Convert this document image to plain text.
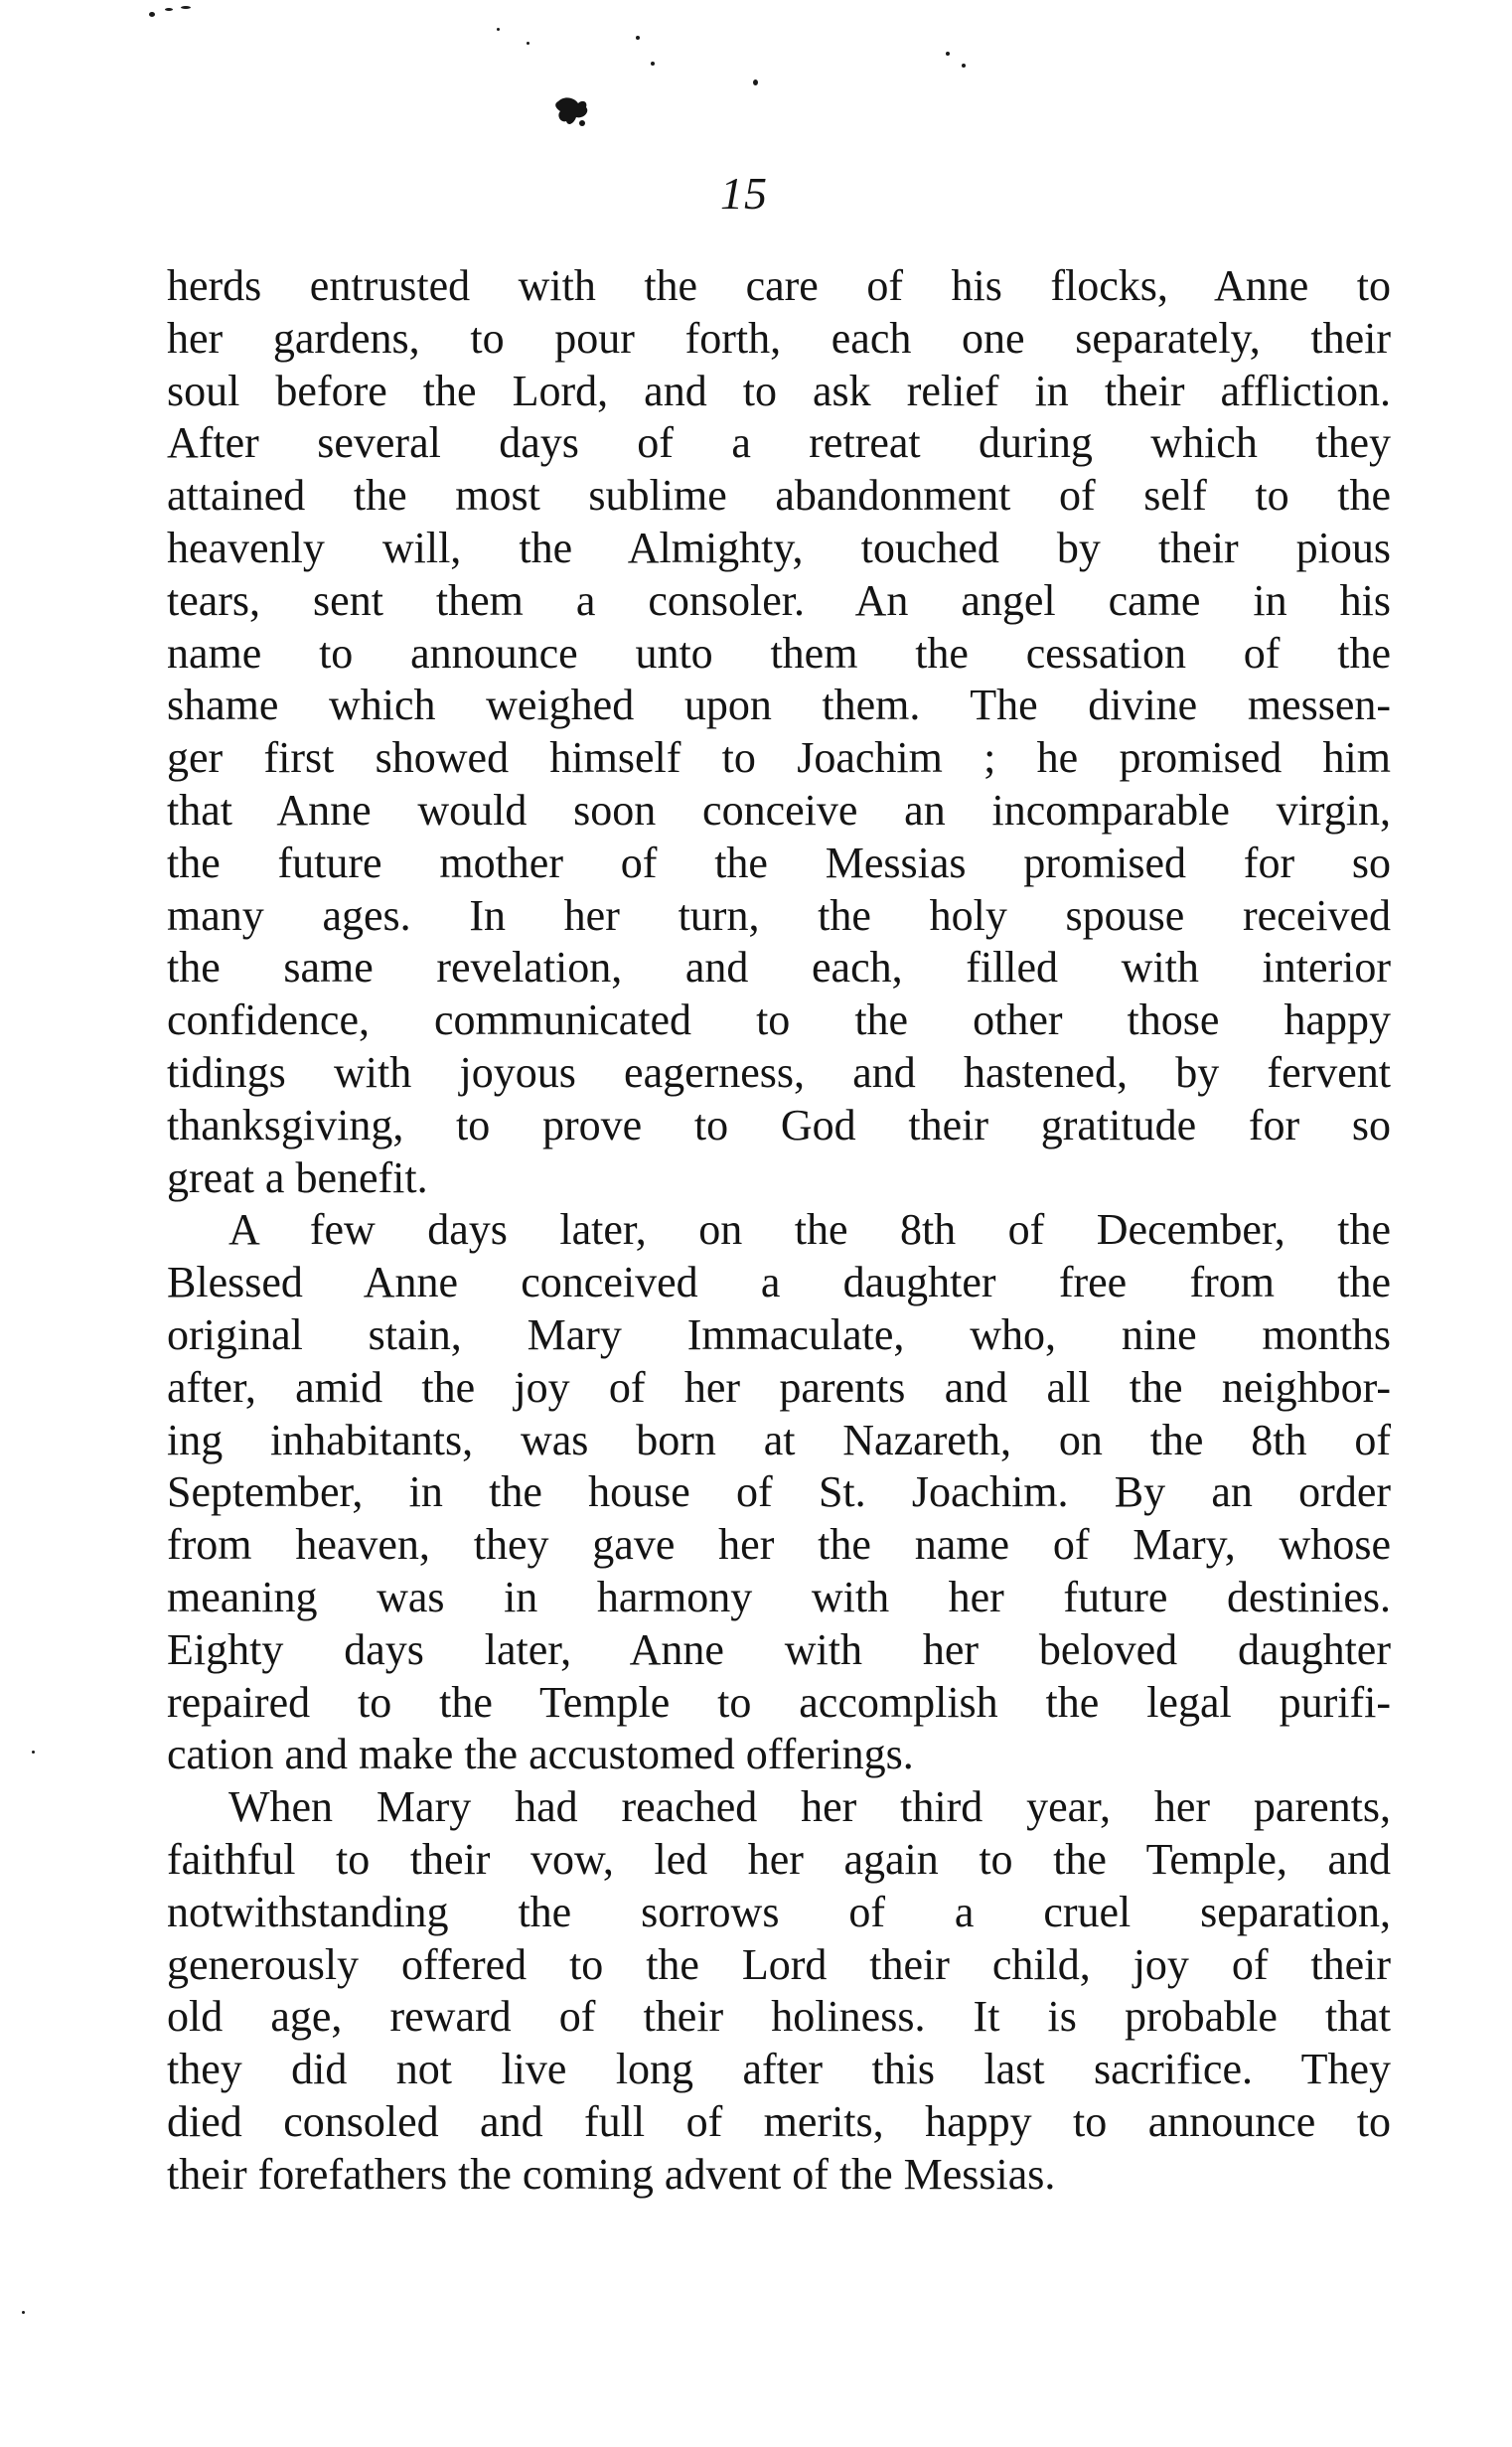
15
herds entrusted with the care of his flocks, Anne to
her gardens, to pour forth, each one separately, their
soul before the Lord, and to ask relief in their affliction.
After several days of a retreat during which they
attained the most sublime abandonment of self to the
heavenly will, the Almighty, touched by their pious
tears, sent them a consoler. An angel came in his
name to announce unto them the cessation of the
shame which weighed upon them. The divine messen-
ger first showed himself to Joachim ; he promised him
that Anne would soon conceive an incomparable virgin,
the future mother of the Messias promised for so
many ages. In her turn, the holy spouse received
the same revelation, and each, filled with interior
confidence, communicated to the other those happy
tidings with joyous eagerness, and hastened, by fervent
thanksgiving, to prove to God their gratitude for so
great a benefit.
A few days later, on the 8th of December, the
Blessed Anne conceived a daughter free from the
original stain, Mary Immaculate, who, nine months
after, amid the joy of her parents and all the neighbor-
ing inhabitants, was born at Nazareth, on the 8th of
September, in the house of St. Joachim. By an order
from heaven, they gave her the name of Mary, whose
meaning was in harmony with her future destinies.
Eighty days later, Anne with her beloved daughter
repaired to the Temple to accomplish the legal purifi-
cation and make the accustomed offerings.
When Mary had reached her third year, her parents,
faithful to their vow, led her again to the Temple, and
notwithstanding the sorrows of a cruel separation,
generously offered to the Lord their child, joy of their
old age, reward of their holiness. It is probable that
they did not live long after this last sacrifice. They
died consoled and full of merits, happy to announce to
their forefathers the coming advent of the Messias.
